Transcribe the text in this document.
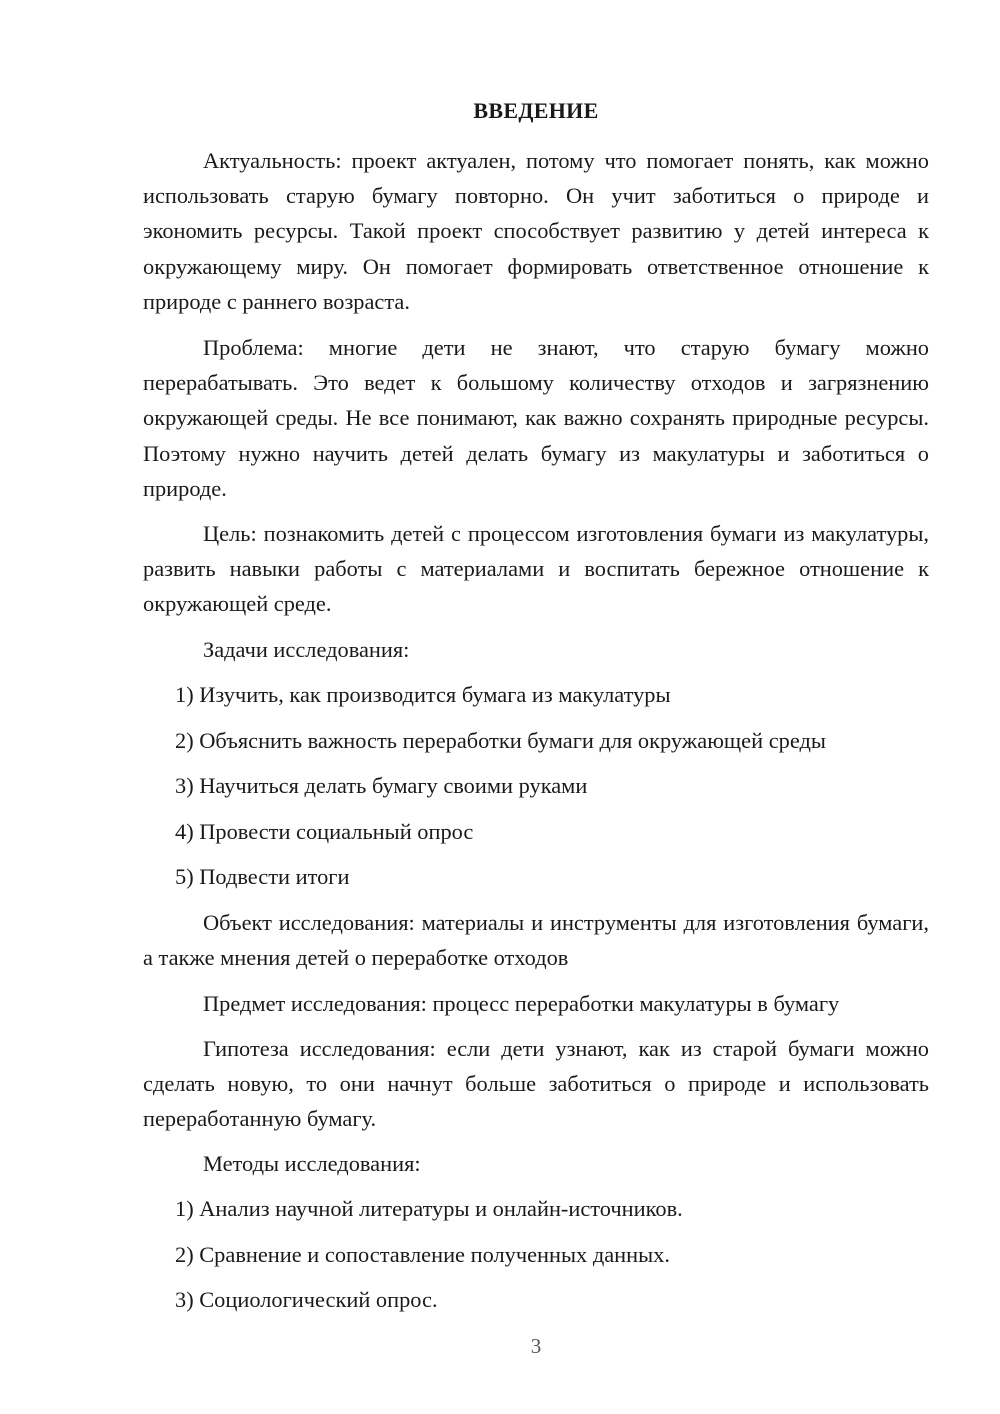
ВВЕДЕНИЕ

Актуальность: проект актуален, потому что помогает понять, как можно использовать старую бумагу повторно. Он учит заботиться о природе и экономить ресурсы. Такой проект способствует развитию у детей интереса к окружающему миру. Он помогает формировать ответственное отношение к природе с раннего возраста.

Проблема: многие дети не знают, что старую бумагу можно перерабатывать. Это ведет к большому количеству отходов и загрязнению окружающей среды. Не все понимают, как важно сохранять природные ресурсы. Поэтому нужно научить детей делать бумагу из макулатуры и заботиться о природе.

Цель: познакомить детей с процессом изготовления бумаги из макулатуры, развить навыки работы с материалами и воспитать бережное отношение к окружающей среде.

Задачи исследования:

1) Изучить, как производится бумага из макулатуры

2) Объяснить важность переработки бумаги для окружающей среды

3) Научиться делать бумагу своими руками

4) Провести социальный опрос

5) Подвести итоги

Объект исследования: материалы и инструменты для изготовления бумаги, а также мнения детей о переработке отходов

Предмет исследования: процесс переработки макулатуры в бумагу

Гипотеза исследования: если дети узнают, как из старой бумаги можно сделать новую, то они начнут больше заботиться о природе и использовать переработанную бумагу.

Методы исследования:

1) Анализ научной литературы и онлайн-источников.

2) Сравнение и сопоставление полученных данных.

3) Социологический опрос.

3
